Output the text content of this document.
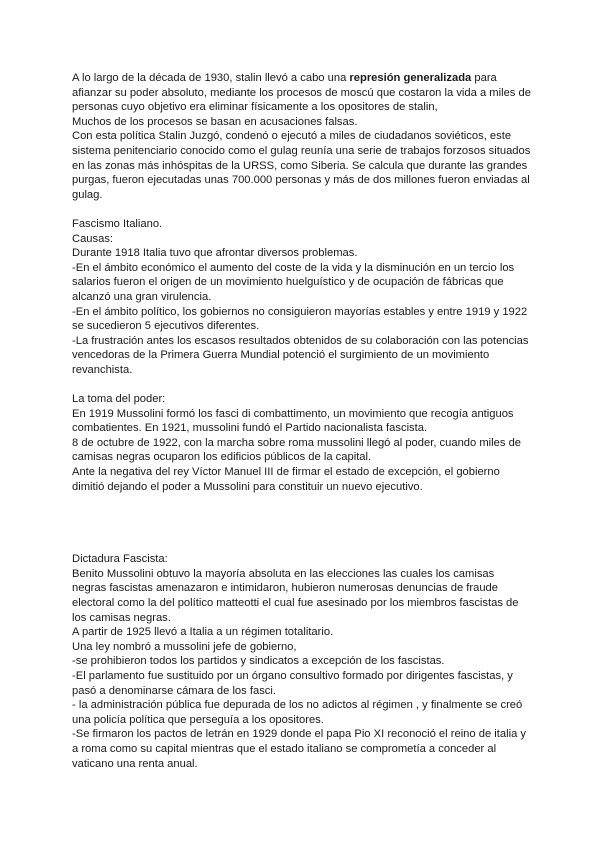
A lo largo de la década de 1930, stalin llevó a cabo una represión generalizada para
afianzar su poder absoluto, mediante los procesos de moscú que costaron la vida a miles de
personas cuyo objetivo era eliminar físicamente a los opositores de stalin,
Muchos de los procesos se basan en acusaciones falsas.
Con esta política Stalin Juzgó, condenó o ejecutó a miles de ciudadanos soviéticos, este
sistema penitenciario conocido como el gulag reunía una serie de trabajos forzosos situados
en las zonas más inhóspitas de la URSS, como Siberia. Se calcula que durante las grandes
purgas, fueron ejecutadas unas 700.000 personas y más de dos millones fueron enviadas al
gulag.
Fascismo Italiano.
Causas:
Durante 1918 Italia tuvo que afrontar diversos problemas.
-En el ámbito económico el aumento del coste de la vida y la disminución en un tercio los
salarios fueron el origen de un movimiento huelguístico y de ocupación de fábricas que
alcanzó una gran virulencia.
-En el ámbito político, los gobiernos no consiguieron mayorías estables y entre 1919 y 1922
se sucedieron 5 ejecutivos diferentes.
-La frustración antes los escasos resultados obtenidos de su colaboración con las potencias
vencedoras de la Primera Guerra Mundial potenció el surgimiento de un movimiento
revanchista.
La toma del poder:
En 1919 Mussolini formó los fasci di combattimento, un movimiento que recogía antiguos
combatientes. En 1921, mussolini fundó el Partido nacionalista fascista.
8 de octubre de 1922, con la marcha sobre roma mussolini llegó al poder, cuando miles de
camisas negras ocuparon los edificios públicos de la capital.
Ante la negativa del rey Víctor Manuel III de firmar el estado de excepción, el gobierno
dimitió dejando el poder a Mussolini para constituir un nuevo ejecutivo.
Dictadura Fascista:
Benito Mussolini obtuvo la mayoría absoluta en las elecciones las cuales los camisas
negras fascistas amenazaron e intimidaron, hubieron numerosas denuncias de fraude
electoral como la del político matteotti el cual fue asesinado por los miembros fascistas de
los camisas negras.
A partir de 1925 llevó a Italia a un régimen totalitario.
Una ley nombró a mussolini jefe de gobierno,
-se prohibieron todos los partidos y sindicatos a excepción de los fascistas.
-El parlamento fue sustituido por un órgano consultivo formado por dirigentes fascistas, y
pasó a denominarse cámara de los fasci.
- la administración pública fue depurada de los no adictos al régimen , y finalmente se creó
una policía política que perseguía a los opositores.
-Se firmaron los pactos de letrán en 1929 donde el papa Pio XI reconoció el reino de italia y
a roma como su capital mientras que el estado italiano se comprometía a conceder al
vaticano una renta anual.
